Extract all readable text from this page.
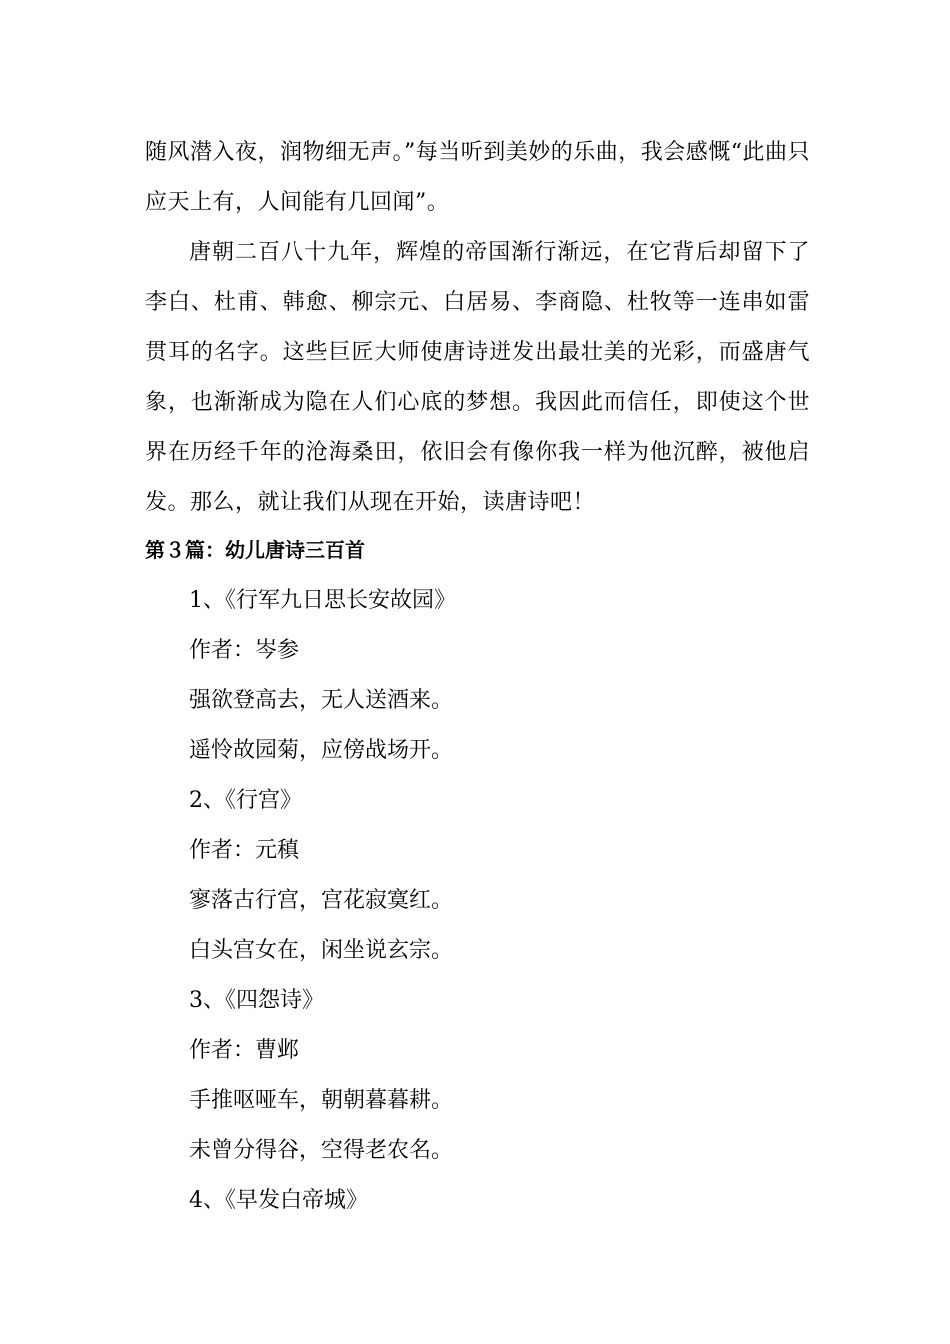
随风潜入夜，润物细无声。”每当听到美妙的乐曲，我会感慨“此曲只应天上有，人间能有几回闻”。

唐朝二百八十九年，辉煌的帝国渐行渐远，在它背后却留下了李白、杜甫、韩愈、柳宗元、白居易、李商隐、杜牧等一连串如雷贯耳的名字。这些巨匠大师使唐诗迸发出最壮美的光彩，而盛唐气象，也渐渐成为隐在人们心底的梦想。我因此而信任，即使这个世界在历经千年的沧海桑田，依旧会有像你我一样为他沉醉，被他启发。那么，就让我们从现在开始，读唐诗吧！

第３篇：幼儿唐诗三百首
1、《行军九日思长安故园》
作者：岑参
强欲登高去，无人送酒来。
遥怜故园菊，应傍战场开。
2、《行宫》
作者：元稹
寥落古行宫，宫花寂寞红。
白头宫女在，闲坐说玄宗。
3、《四怨诗》
作者：曹邺
手推呕哑车，朝朝暮暮耕。
未曾分得谷，空得老农名。
4、《早发白帝城》
